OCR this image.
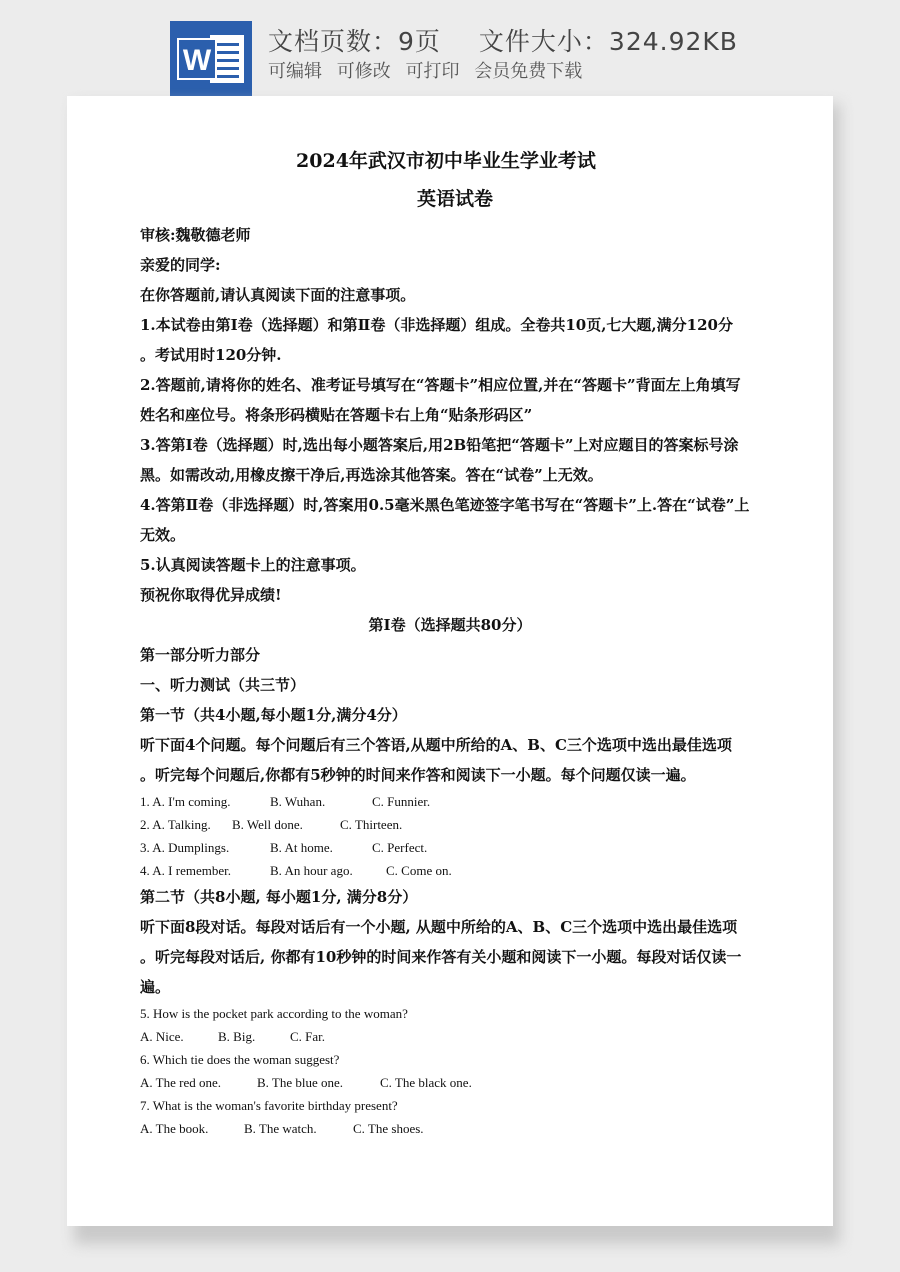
W
文档页数：9页 文件大小：324.92KB
可编辑 可修改 可打印 会员免费下载
2024年武汉市初中毕业生学业考试
英语试卷

审核:魏敬德老师

亲爱的同学:

在你答题前,请认真阅读下面的注意事项。

1.本试卷由第Ⅰ卷（选择题）和第Ⅱ卷（非选择题）组成。全卷共10页,七大题,满分120分

。考试用时120分钟.

2.答题前,请将你的姓名、准考证号填写在“答题卡”相应位置,并在“答题卡”背面左上角填写

姓名和座位号。将条形码横贴在答题卡右上角“贴条形码区”

3.答第Ⅰ卷（选择题）时,选出每小题答案后,用2B铅笔把“答题卡”上对应题目的答案标号涂

黑。如需改动,用橡皮擦干净后,再选涂其他答案。答在“试卷”上无效。

4.答第Ⅱ卷（非选择题）时,答案用0.5毫米黑色笔迹签字笔书写在“答题卡”上.答在“试卷”上

无效。

5.认真阅读答题卡上的注意事项。

预祝你取得优异成绩!

第Ⅰ卷（选择题共80分）

第一部分听力部分

一、听力测试（共三节）

第一节（共4小题,每小题1分,满分4分）

听下面4个问题。每个问题后有三个答语,从题中所给的A、B、C三个选项中选出最佳选项

。听完每个问题后,你都有5秒钟的时间来作答和阅读下一小题。每个问题仅读一遍。

1. A. I'm coming.	B. Wuhan.	C. Funnier.

2. A. Talking. B. Well done.	C. Thirteen.

3. A. Dumplings.	B. At home.	C. Perfect.

4. A. I remember.	B. An hour ago.	C. Come on.

第二节（共8小题, 每小题1分, 满分8分）

听下面8段对话。每段对话后有一个小题, 从题中所给的A、B、C三个选项中选出最佳选项

。听完每段对话后, 你都有10秒钟的时间来作答有关小题和阅读下一小题。每段对话仅读一

遍。

5. How is the pocket park according to the woman?

A. Nice.	B. Big.	C. Far.

6. Which tie does the woman suggest?

A. The red one.	B. The blue one.	C. The black one.

7. What is the woman's favorite birthday present?

A. The book.	B. The watch.	C. The shoes.
